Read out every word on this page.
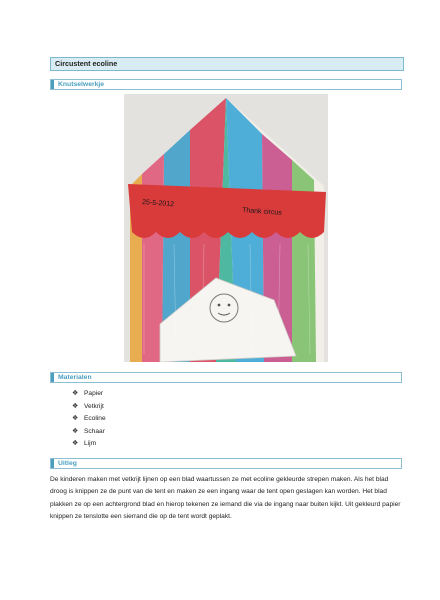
Circustent ecoline
Knutselwerkje
25-5-2012
Thank circus
Materialen
❖ Papier
❖ Vetkrijt
❖ Ecoline
❖ Schaar
❖ Lijm
Uitleg
De kinderen maken met vetkrijt lijnen op een blad waartussen ze met ecoline gekleurde strepen maken. Als het blad droog is knippen ze de punt van de tent en maken ze een ingang waar de tent open geslagen kan worden. Het blad plakken ze op een achtergrond blad en hierop tekenen ze iemand die via de ingang naar buiten kijkt. Uit gekleurd papier knippen ze tenslotte een sierrand die op de tent wordt geplakt.
